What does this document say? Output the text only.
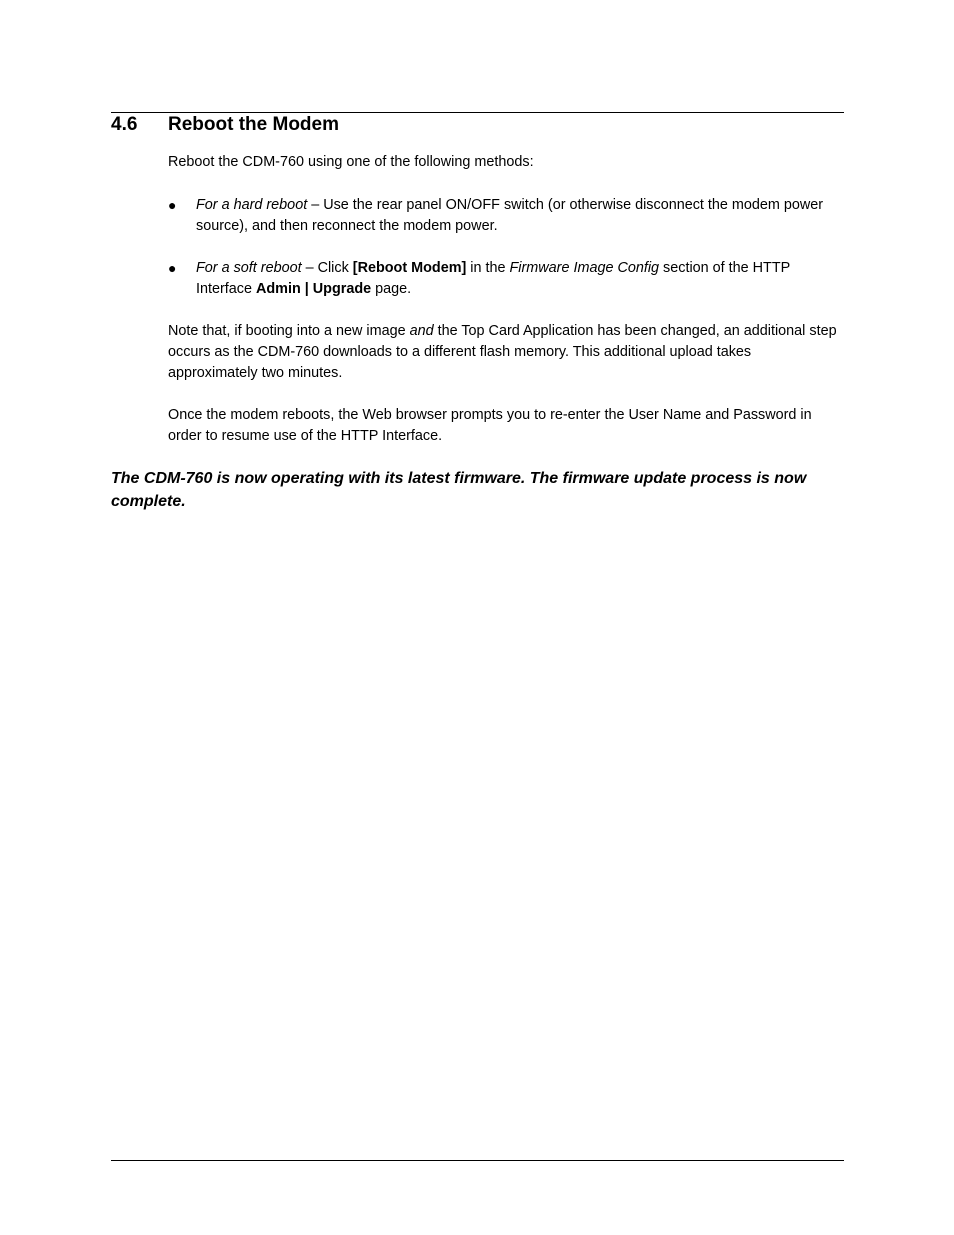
4.6 Reboot the Modem

Reboot the CDM-760 using one of the following methods:

●	For a hard reboot – Use the rear panel ON/OFF switch (or otherwise disconnect the modem power source), and then reconnect the modem power.
●	For a soft reboot – Click [Reboot Modem] in the Firmware Image Config section of the HTTP Interface Admin | Upgrade page.

Note that, if booting into a new image and the Top Card Application has been changed, an additional step occurs as the CDM-760 downloads to a different flash memory. This additional upload takes approximately two minutes.

Once the modem reboots, the Web browser prompts you to re-enter the User Name and Password in order to resume use of the HTTP Interface.

The CDM-760 is now operating with its latest firmware. The firmware update process is now complete.
